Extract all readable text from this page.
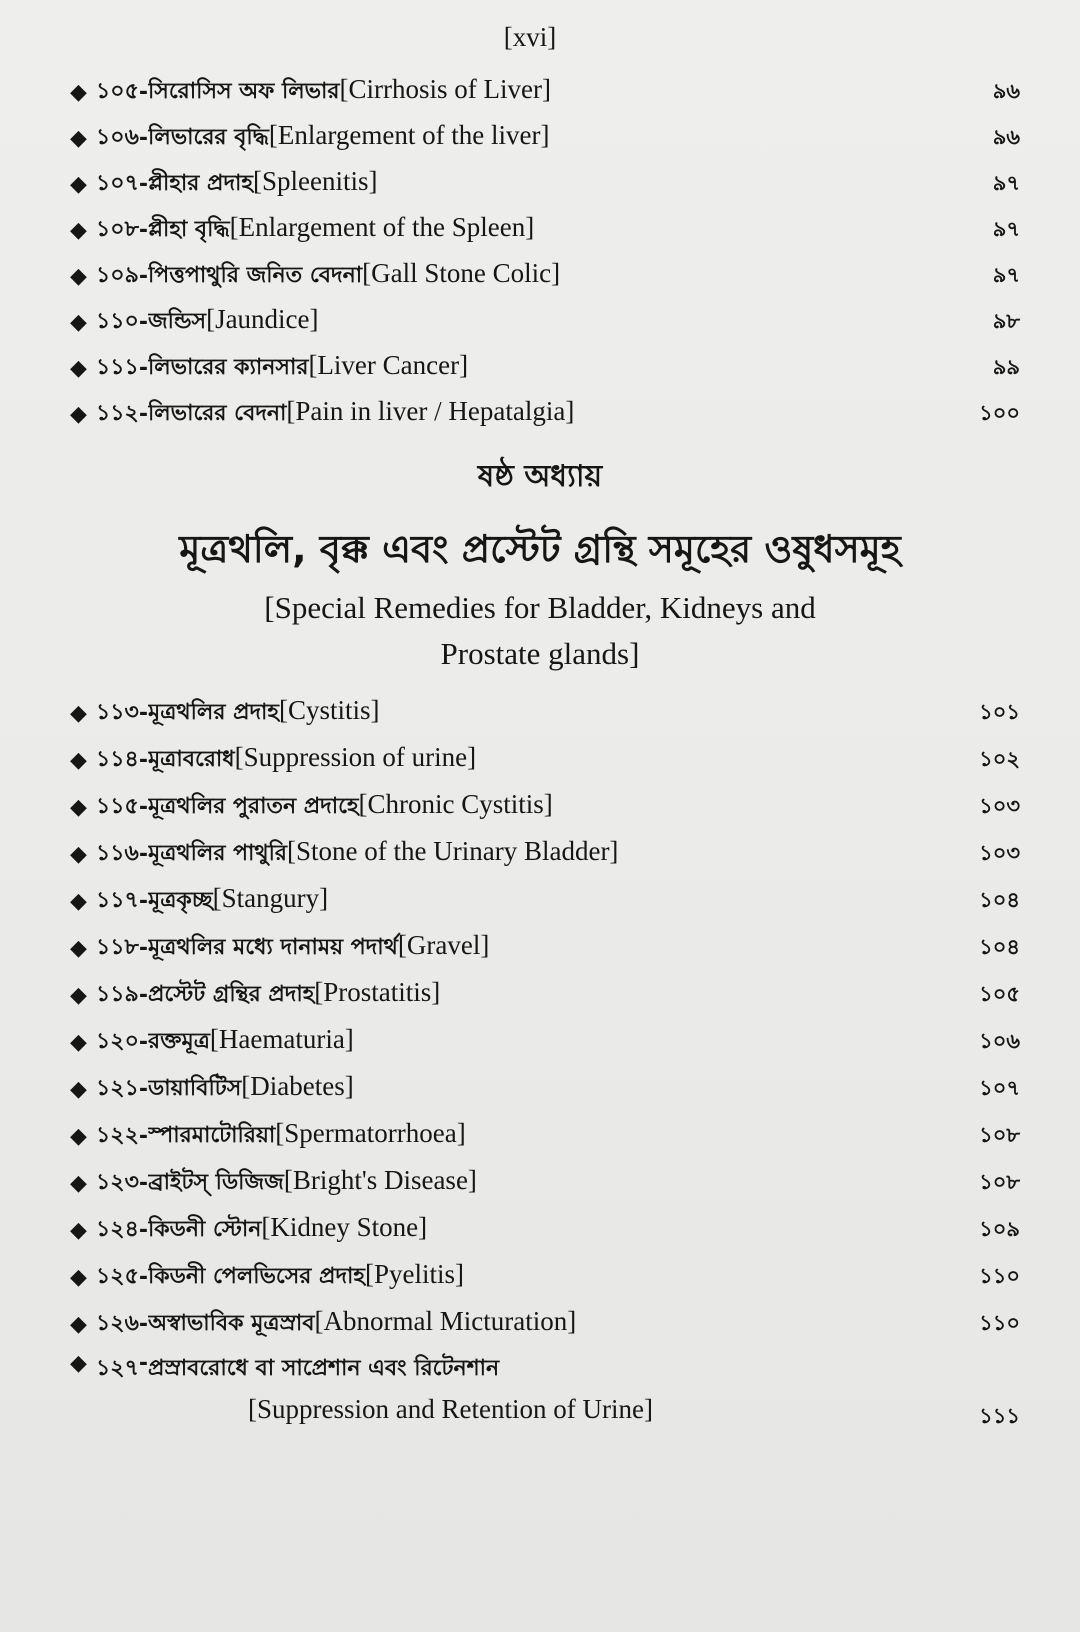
[xvi]
◆ ১০৫ - সিরোসিস অফ লিভার[Cirrhosis of Liver]	৯৬
◆ ১০৬ - লিভারের বৃদ্ধি[Enlargement of the liver]	৯৬
◆ ১০৭ - প্লীহার প্রদাহ[Spleenitis]	৯৭
◆ ১০৮ - প্লীহা বৃদ্ধি[Enlargement of the Spleen]	৯৭
◆ ১০৯ - পিত্তপাথুরি জনিত বেদনা[Gall Stone Colic]	৯৭
◆ ১১০ - জন্ডিস[Jaundice]	৯৮
◆ ১১১ - লিভারের ক্যানসার[Liver Cancer]	৯৯
◆ ১১২ - লিভারের বেদনা[Pain in liver / Hepatalgia]	১০০
ষষ্ঠ অধ্যায়
মূত্রথলি, বৃক্ক এবং প্রস্টেট গ্রন্থি সমূহের ওষুধসমূহ
[Special Remedies for Bladder, Kidneys and
Prostate glands]
◆ ১১৩ - মূত্রথলির প্রদাহ[Cystitis]	১০১
◆ ১১৪ - মূত্রাবরোধ[Suppression of urine]	১০২
◆ ১১৫ - মূত্রথলির পুরাতন প্রদাহে[Chronic Cystitis]	১০৩
◆ ১১৬ - মূত্রথলির পাথুরি[Stone of the Urinary Bladder]	১০৩
◆ ১১৭ - মূত্রকৃচ্ছ[Stangury]	১০৪
◆ ১১৮ - মূত্রথলির মধ্যে দানাময় পদার্থ[Gravel]	১০৪
◆ ১১৯ - প্রস্টেট গ্রন্থির প্রদাহ[Prostatitis]	১০৫
◆ ১২০ - রক্তমূত্র[Haematuria]	১০৬
◆ ১২১ - ডায়াবিটিস[Diabetes]	১০৭
◆ ১২২ - স্পারমাটোরিয়া[Spermatorrhoea]	১০৮
◆ ১২৩ - ব্রাইটস্ ডিজিজ[Bright's Disease]	১০৮
◆ ১২৪ - কিডনী স্টোন[Kidney Stone]	১০৯
◆ ১২৫ - কিডনী পেলভিসের প্রদাহ[Pyelitis]	১১০
◆ ১২৬ - অস্বাভাবিক মূত্রস্রাব[Abnormal Micturation]	১১০
◆ ১২৭ - প্রস্রাবরোধে বা সাপ্রেশান এবং রিটেনশান
[Suppression and Retention of Urine]	১১১
